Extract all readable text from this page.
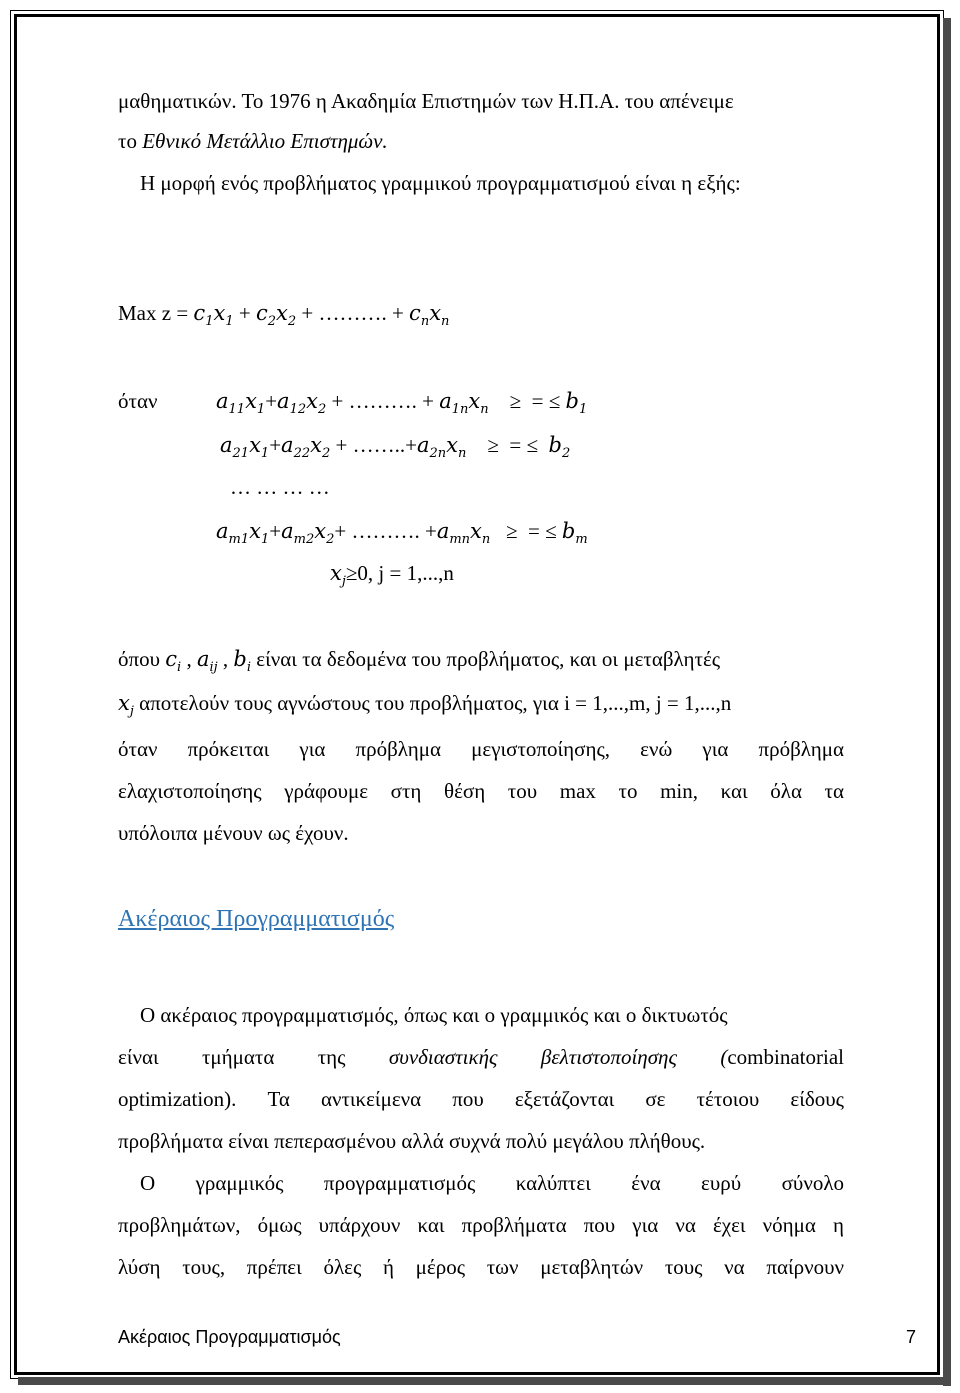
μαθηματικών. Το 1976 η Ακαδημία Επιστημών των Η.Π.Α. του απένειμε
το Εθνικό Μετάλλιο Επιστημών.
Η μορφή ενός προβλήματος γραμμικού προγραμματισμού είναι η εξής:
Max $z = c_1x_1 + c_2x_2$ + ………. + $c_nx_n$
όταν	$a_{11}x_1+a_{12}x_2$ + ………. + $a_{1n}x_n$    ≥  = ≤ $b_1$
$a_{21}x_1+a_{22}x_2$ + $\dots\dots..+a_{2n}x_n$    ≥  = ≤  $b_2$
… … … …
$a_{m1}x_1+a_{m2}x_2+$ ………. $+a_{mn}x_n$   ≥  = ≤ $b_m$
$x_j\ge 0$, j = 1,...,n
όπου $c_i$ , $a_{ij}$ , $b_i$ είναι τα δεδομένα του προβλήματος, και οι μεταβλητές
$x_j$ αποτελούν τους αγνώστους του προβλήματος, για i = 1,...,m, j = 1,...,n
όταν πρόκειται για πρόβλημα μεγιστοποίησης, ενώ για πρόβλημα
ελαχιστοποίησης γράφουμε στη θέση του max το min, και όλα τα
υπόλοιπα μένουν ως έχουν.
Ακέραιος Προγραμματισμός
Ο ακέραιος προγραμματισμός, όπως και ο γραμμικός και ο δικτυωτός
είναι τμήματα της συνδιαστικής βελτιστοποίησης (combinatorial
optimization). Τα αντικείμενα που εξετάζονται σε τέτοιου είδους
προβλήματα είναι πεπερασμένου αλλά συχνά πολύ μεγάλου πλήθους.
Ο γραμμικός προγραμματισμός καλύπτει ένα ευρύ σύνολο
προβλημάτων, όμως υπάρχουν και προβλήματα που για να έχει νόημα η
λύση τους, πρέπει όλες ή μέρος των μεταβλητών τους να παίρνουν
Ακέραιος Προγραμματισμός	7
